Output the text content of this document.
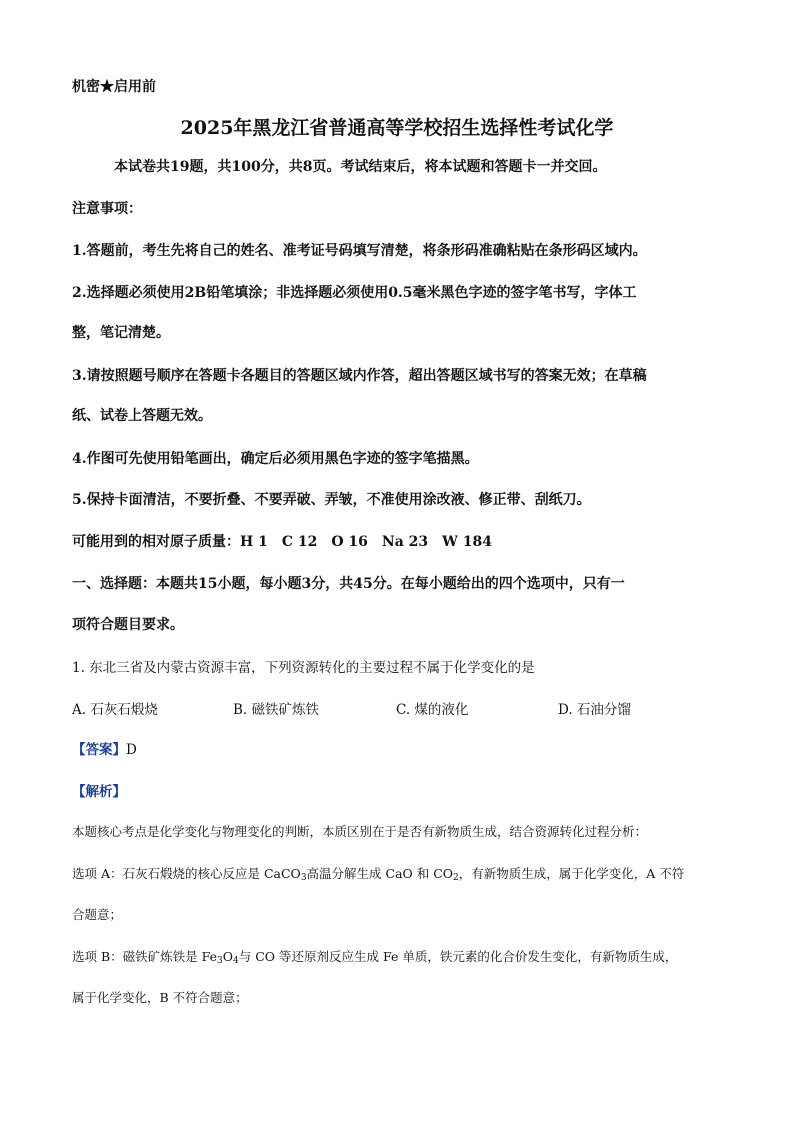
机密★启用前
2025年黑龙江省普通高等学校招生选择性考试化学
本试卷共19题，共100分，共8页。考试结束后，将本试题和答题卡一并交回。
注意事项：
1.答题前，考生先将自己的姓名、准考证号码填写清楚，将条形码准确粘贴在条形码区域内。
2.选择题必须使用2B铅笔填涂；非选择题必须使用0.5毫米黑色字迹的签字笔书写，字体工
整，笔记清楚。
3.请按照题号顺序在答题卡各题目的答题区域内作答，超出答题区域书写的答案无效；在草稿
纸、试卷上答题无效。
4.作图可先使用铅笔画出，确定后必须用黑色字迹的签字笔描黑。
5.保持卡面清洁，不要折叠、不要弄破、弄皱，不准使用涂改液、修正带、刮纸刀。
可能用到的相对原子质量：H 1　C 12　O 16　Na 23　W 184
一、选择题：本题共15小题，每小题3分，共45分。在每小题给出的四个选项中，只有一
项符合题目要求。
1. 东北三省及内蒙古资源丰富，下列资源转化的主要过程不属于化学变化的是
A. 石灰石煅烧	B. 磁铁矿炼铁	C. 煤的液化	D. 石油分馏
【答案】D
【解析】
本题核心考点是化学变化与物理变化的判断，本质区别在于是否有新物质生成，结合资源转化过程分析：
选项 A：石灰石煅烧的核心反应是 CaCO$_3$高温分解生成 CaO 和 $CO_2$，有新物质生成，属于化学变化，A 不符
合题意；
选项 B：磁铁矿炼铁是 $Fe_3O_4$与 CO 等还原剂反应生成 Fe 单质，铁元素的化合价发生变化，有新物质生成，
属于化学变化，B 不符合题意；
